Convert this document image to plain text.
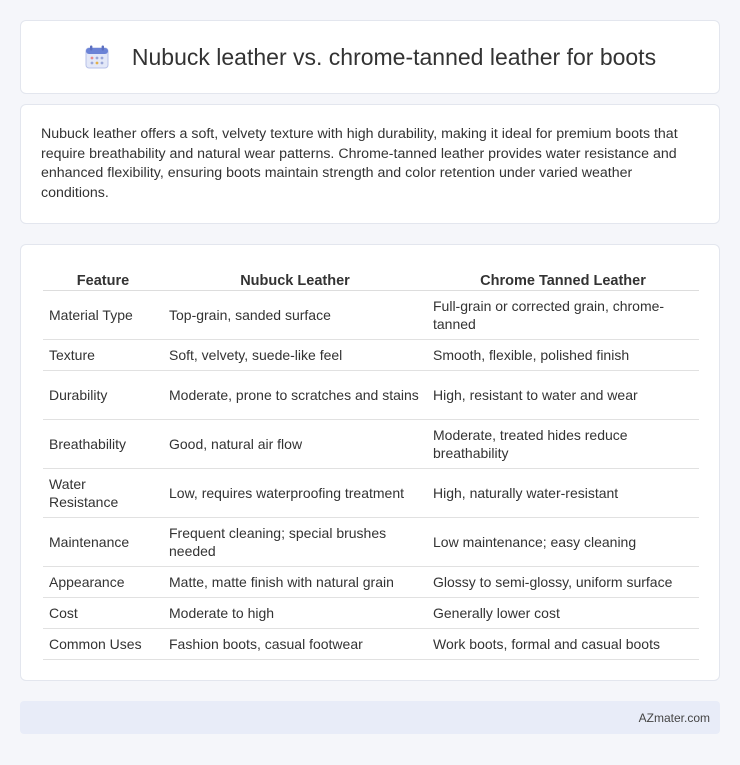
Nubuck leather vs. chrome-tanned leather for boots

Nubuck leather offers a soft, velvety texture with high durability, making it ideal for premium boots that require breathability and natural wear patterns. Chrome-tanned leather provides water resistance and enhanced flexibility, ensuring boots maintain strength and color retention under varied weather conditions.

Feature	Nubuck Leather	Chrome Tanned Leather
Material Type	Top-grain, sanded surface	Full-grain or corrected grain, chrome-tanned
Texture	Soft, velvety, suede-like feel	Smooth, flexible, polished finish
Durability	Moderate, prone to scratches and stains	High, resistant to water and wear
Breathability	Good, natural air flow	Moderate, treated hides reduce breathability
Water Resistance	Low, requires waterproofing treatment	High, naturally water-resistant
Maintenance	Frequent cleaning; special brushes needed	Low maintenance; easy cleaning
Appearance	Matte, matte finish with natural grain	Glossy to semi-glossy, uniform surface
Cost	Moderate to high	Generally lower cost
Common Uses	Fashion boots, casual footwear	Work boots, formal and casual boots
AZmater.com
